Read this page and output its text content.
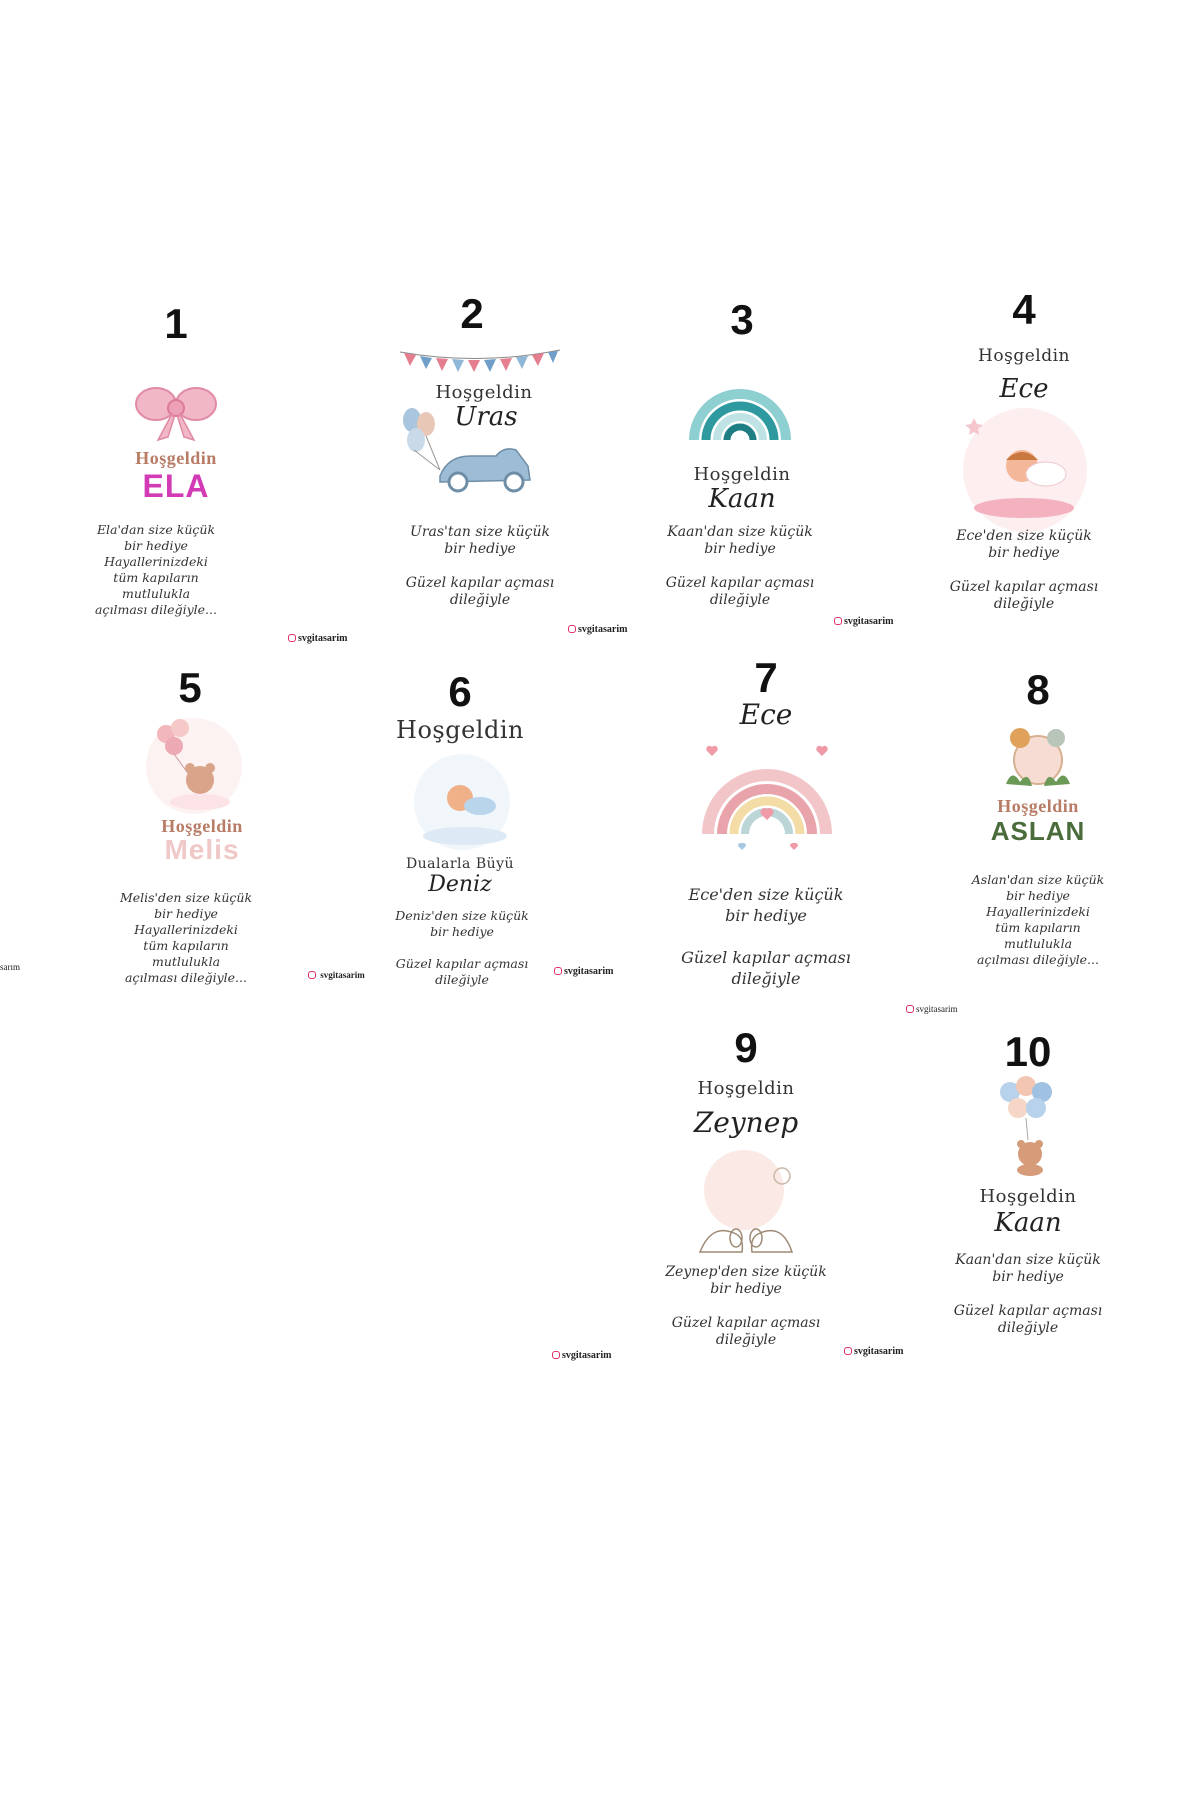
1
Hoşgeldin
ELA
Ela'dan size küçük
bir hediye
Hayallerinizdeki
tüm kapıların
mutlulukla
açılması dileğiyle...
svgitasarim
2
Hoşgeldin
Uras
Uras'tan size küçük
bir hediye

Güzel kapılar açması
dileğiyle
svgitasarim
3
Hoşgeldin
Kaan
Kaan'dan size küçük
bir hediye

Güzel kapılar açması
dileğiyle
svgitasarim
4
Hoşgeldin
Ece
Ece'den size küçük
bir hediye

Güzel kapılar açması
dileğiyle
5
Hoşgeldin
Melis
Melis'den size küçük
bir hediye
Hayallerinizdeki
tüm kapıların
mutlulukla
açılması dileğiyle...
sarım
svgitasarim
6
Hoşgeldin
Dualarla Büyü
Deniz
Deniz'den size küçük
bir hediye

Güzel kapılar açması
dileğiyle
svgitasarim
7
Ece
Ece'den size küçük
bir hediye

Güzel kapılar açması
dileğiyle
svgitasarim
8
Hoşgeldin
ASLAN
Aslan'dan size küçük
bir hediye
Hayallerinizdeki
tüm kapıların
mutlulukla
açılması dileğiyle...
9
Hoşgeldin
Zeynep
Zeynep'den size küçük
bir hediye

Güzel kapılar açması
dileğiyle
svgitasarim	svgitasarim
10
Hoşgeldin
Kaan
Kaan'dan size küçük
bir hediye

Güzel kapılar açması
dileğiyle
